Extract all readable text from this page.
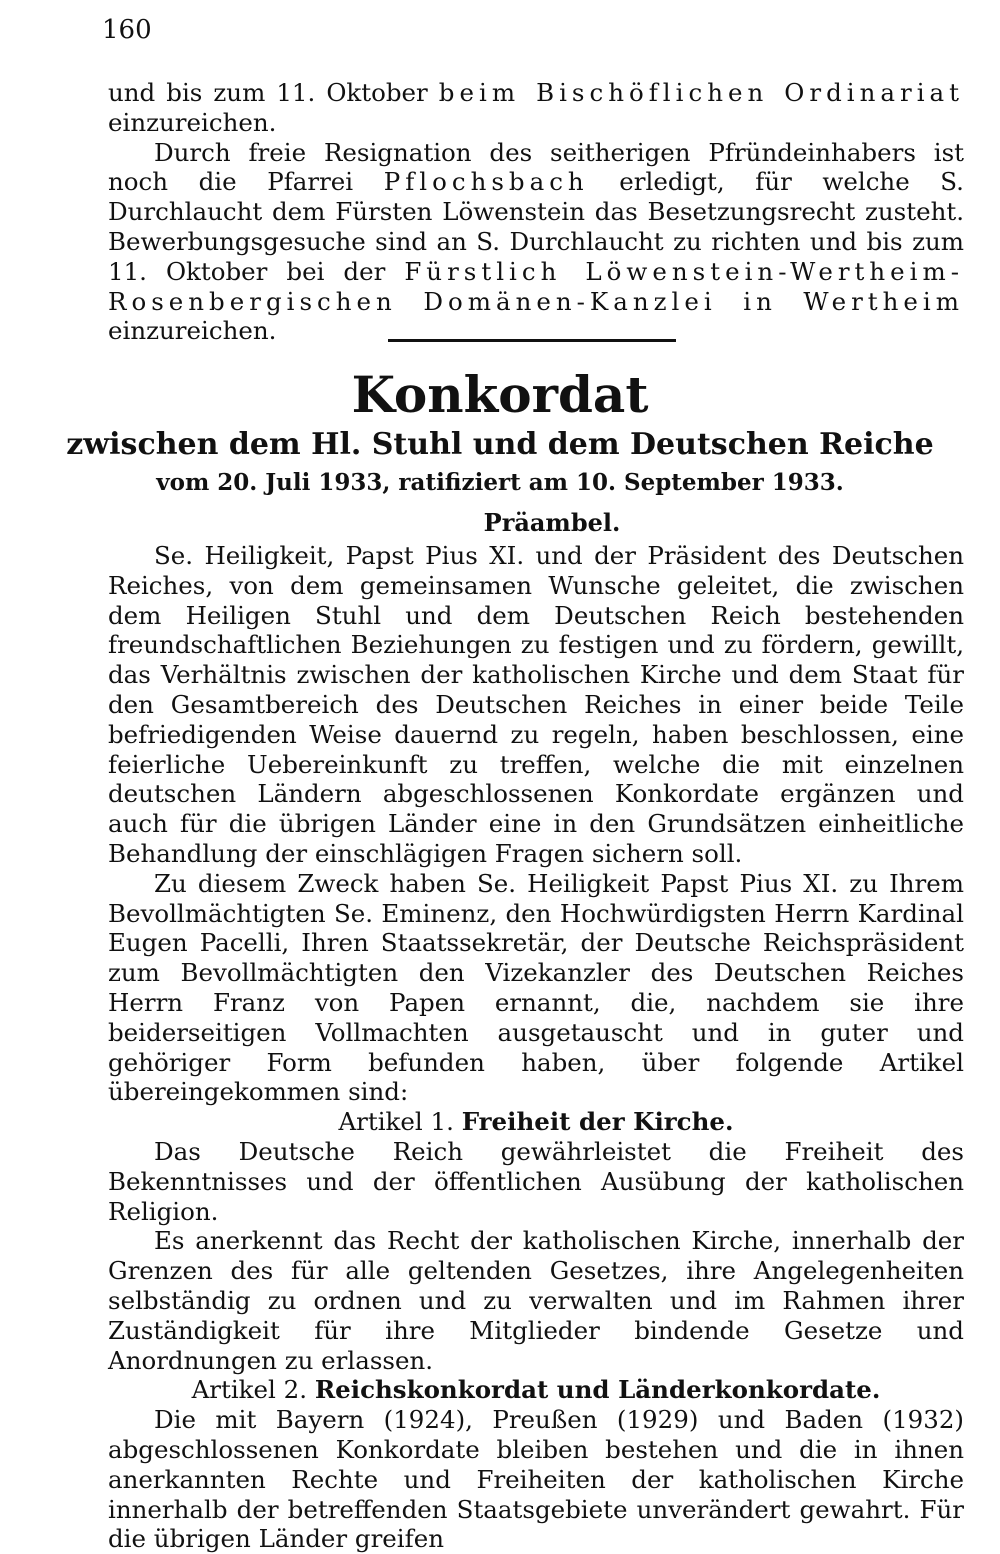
160

und bis zum 11. Oktober beim Bischöflichen Ordinariat einzureichen.

Durch freie Resignation des seitherigen Pfründeinhabers ist noch die Pfarrei Pflochsbach erledigt, für welche S. Durchlaucht dem Fürsten Löwenstein das Besetzungsrecht zusteht. Bewerbungsgesuche sind an S. Durchlaucht zu richten und bis zum 11. Oktober bei der Fürstlich Löwenstein-Wertheim-Rosenbergischen Domänen-Kanzlei in Wertheim einzureichen.

Konkordat
zwischen dem Hl. Stuhl und dem Deutschen Reiche
vom 20. Juli 1933, ratifiziert am 10. September 1933.
Präambel.

Se. Heiligkeit, Papst Pius XI. und der Präsident des Deutschen Reiches, von dem gemeinsamen Wunsche geleitet, die zwischen dem Heiligen Stuhl und dem Deutschen Reich bestehenden freundschaftlichen Beziehungen zu festigen und zu fördern, gewillt, das Verhältnis zwischen der katholischen Kirche und dem Staat für den Gesamtbereich des Deutschen Reiches in einer beide Teile befriedigenden Weise dauernd zu regeln, haben beschlossen, eine feierliche Uebereinkunft zu treffen, welche die mit einzelnen deutschen Ländern abgeschlossenen Konkordate ergänzen und auch für die übrigen Länder eine in den Grundsätzen einheitliche Behandlung der einschlägigen Fragen sichern soll.

Zu diesem Zweck haben Se. Heiligkeit Papst Pius XI. zu Ihrem Bevollmächtigten Se. Eminenz, den Hochwürdigsten Herrn Kardinal Eugen Pacelli, Ihren Staatssekretär, der Deutsche Reichspräsident zum Bevollmächtigten den Vizekanzler des Deutschen Reiches Herrn Franz von Papen ernannt, die, nachdem sie ihre beiderseitigen Vollmachten ausgetauscht und in guter und gehöriger Form befunden haben, über folgende Artikel übereingekommen sind:

Artikel 1. Freiheit der Kirche.

Das Deutsche Reich gewährleistet die Freiheit des Bekenntnisses und der öffentlichen Ausübung der katholischen Religion.

Es anerkennt das Recht der katholischen Kirche, innerhalb der Grenzen des für alle geltenden Gesetzes, ihre Angelegenheiten selbständig zu ordnen und zu verwalten und im Rahmen ihrer Zuständigkeit für ihre Mitglieder bindende Gesetze und Anordnungen zu erlassen.

Artikel 2. Reichskonkordat und Länderkonkordate.

Die mit Bayern (1924), Preußen (1929) und Baden (1932) abgeschlossenen Konkordate bleiben bestehen und die in ihnen anerkannten Rechte und Freiheiten der katholischen Kirche innerhalb der betreffenden Staatsgebiete unverändert gewahrt. Für die übrigen Länder greifen
